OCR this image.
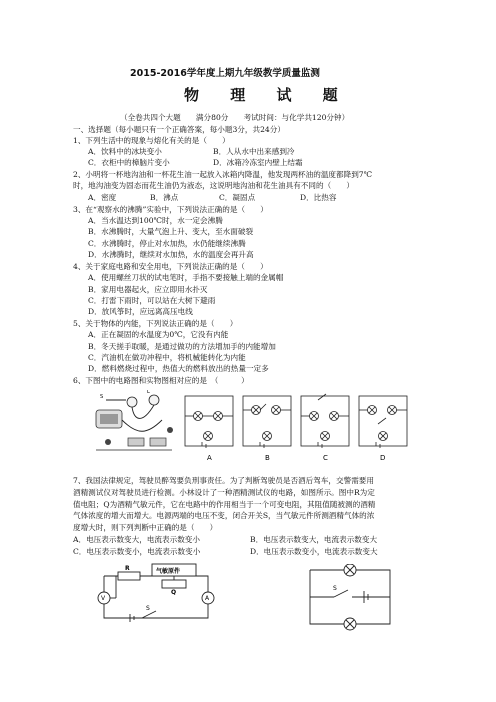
2015-2016学年度上期九年级教学质量监测
物 理 试 题
（全卷共四个大题　　满分80分　　考试时间：与化学共120分钟）
一、选择题（每小题只有一个正确答案，每小题3分，共24分）
1、下列生活中的现象与熔化有关的是（　　）
A．饮料中的冰块变小	B．人从水中出来感到冷
C．衣柜中的樟脑片变小	D．冰箱冷冻室内壁上结霜
2、小明将一杯地沟油和一杯花生油一起放入冰箱内降温，他发现两杯油的温度都降到7℃
时，地沟油变为固态而花生油仍为液态，这说明地沟油和花生油具有不同的（　　）
A．密度	B．沸点	C．凝固点	D．比热容
3、在“观察水的沸腾”实验中，下列说法正确的是（　　）
A．当水温达到100℃时，水一定会沸腾
B．水沸腾时，大量气泡上升、变大，至水面破裂
C．水沸腾时，停止对水加热，水仍能继续沸腾
D．水沸腾时，继续对水加热，水的温度会再升高
4、关于家庭电路和安全用电，下列说法正确的是（　　）
A．使用螺丝刀状的试电笔时，手指不要接触上端的金属帽
B．家用电器起火，应立即用水扑灭
C．打雷下雨时，可以站在大树下避雨
D．放风筝时，应远离高压电线
5、关于物体的内能，下列说法正确的是（　　）
A．正在凝固的水温度为0℃，它没有内能
B．冬天搓手取暖，是通过做功的方法增加手的内能增加
C．汽油机在做功冲程中，将机械能转化为内能
D．燃料燃烧过程中，热值大的燃料放出的热量一定多
6、下图中的电路图和实物图相对应的是　（　　　）
S
L
A	B	C	D
7、我国法律规定，驾驶员醉驾要负刑事责任。为了判断驾驶员是否酒后驾车，交警需要用
酒精测试仪对驾驶员进行检测。小林设计了一种酒精测试仪的电路，如图所示。图中R为定
值电阻；Q为酒精气敏元件，它在电路中的作用相当于一个可变电阻，其阻值随被测的酒精
气体浓度的增大而增大。电源两端的电压不变，闭合开关S，当气敏元件所测酒精气体的浓
度增大时，则下列判断中正确的是（　　）
A．电压表示数变大，电流表示数变小	B．电压表示数变大，电流表示数变大
C．电压表示数变小，电流表示数变小	D．电压表示数变小，电流表示数变大
R	气敏原件
Q
V	A
S
S
